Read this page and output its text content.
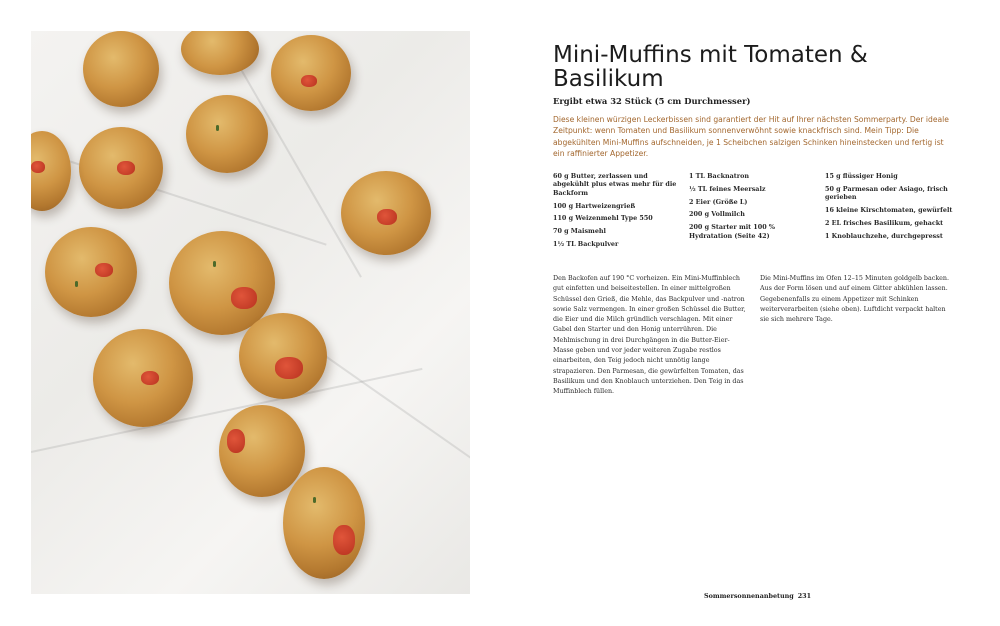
Mini-Muffins mit Tomaten & Basilikum

Ergibt etwa 32 Stück (5 cm Durchmesser)

Diese kleinen würzigen Leckerbissen sind garantiert der Hit auf Ihrer nächsten Sommerparty. Der ideale Zeitpunkt: wenn Tomaten und Basilikum sonnenverwöhnt sowie knackfrisch sind. Mein Tipp: Die abgekühlten Mini-Muffins aufschneiden, je 1 Scheibchen salzigen Schinken hineinstecken und fertig ist ein raffinierter Appetizer.

60 g Butter, zerlassen und abgekühlt plus etwas mehr für die Backform
100 g Hartweizengrieß
110 g Weizenmehl Type 550
70 g Maismehl
1½ TL Backpulver
1 TL Backnatron
½ TL feines Meersalz
2 Eier (Größe L)
200 g Vollmilch
200 g Starter mit 100 % Hydratation (Seite 42)
15 g flüssiger Honig
50 g Parmesan oder Asiago, frisch gerieben
16 kleine Kirschtomaten, gewürfelt
2 EL frisches Basilikum, gehackt
1 Knoblauchzehe, durchgepresst

Den Backofen auf 190 °C vorheizen. Ein Mini-Muffinblech gut einfetten und beiseitestellen. In einer mittelgroßen Schüssel den Grieß, die Mehle, das Backpulver und -natron sowie Salz vermengen. In einer großen Schüssel die Butter, die Eier und die Milch gründlich verschlagen. Mit einer Gabel den Starter und den Honig unterrühren. Die Mehlmischung in drei Durchgängen in die Butter-Eier-Masse geben und vor jeder weiteren Zugabe restlos einarbeiten, den Teig jedoch nicht unnötig lange strapazieren. Den Parmesan, die gewürfelten Tomaten, das Basilikum und den Knoblauch unterziehen. Den Teig in das Muffinblech füllen.

Die Mini-Muffins im Ofen 12–15 Minuten goldgelb backen. Aus der Form lösen und auf einem Gitter abkühlen lassen. Gegebenenfalls zu einem Appetizer mit Schinken weiterverarbeiten (siehe oben). Luftdicht verpackt halten sie sich mehrere Tage.

Sommersonnenanbetung 231
